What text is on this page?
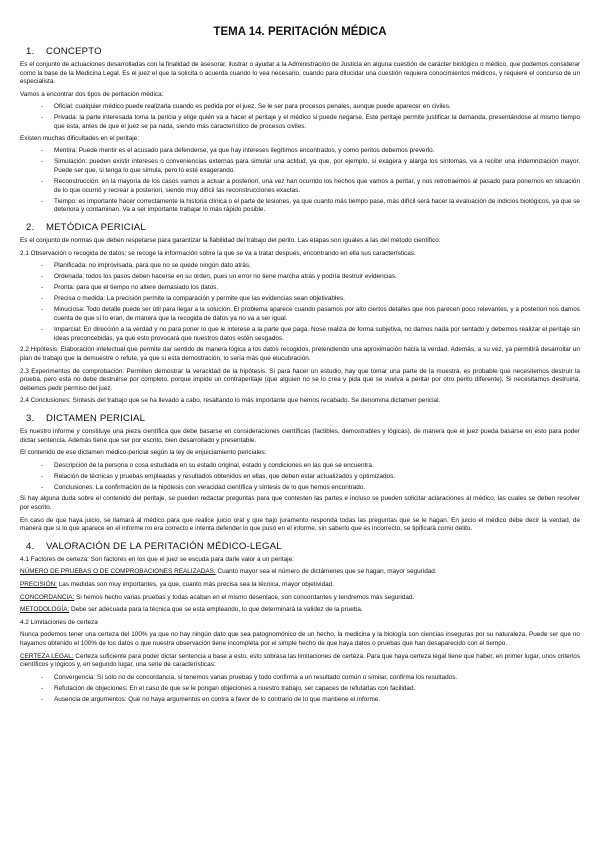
TEMA 14. PERITACIÓN MÉDICA
1. CONCEPTO

Es el conjunto de actuaciones desarrolladas con la finalidad de asesorar, ilustrar o ayudar a la Administración de Justicia en alguna cuestión de carácter biológico o médico, que podemos considerar como la base de la Medicina Legal. Es el juez el que la solicita o acuerda cuando lo vea necesario, cuando para dilucidar una cuestión requiera conocimientos médicos, y requiere el concurso de un especialista.

Vamos a encontrar dos tipos de peritación médica:

- Oficial: cualquier médico puede realizarla cuando es pedida por el juez. Se le ser para procesos penales, aunque puede aparecer en civiles.
- Privada: la parte interesada toma la pericia y elige quién va a hacer el peritaje y el médico si puede negarse. Este peritaje permite justificar la demanda, presentándose al mismo tiempo que esta, antes de que el juez se pa nada, siendo más característico de procesos civiles.

Existen muchas dificultades en el peritaje:

- Mentira: Puede mentir es el acusado para defenderse, ya que hay intereses ilegítimos encontrados, y como peritos debemos preverlo.
- Simulación: pueden existir intereses o conveniencias externas para simular una actitud, ya que, por ejemplo, si exagera y alarga los síntomas, va a recibir una indemnización mayor. Puede ser que, si tenga lo que simula, pero lo esté exagerando.
- Reconstrucción: en la mayoría de los casos vamos a actuar a posteriori, una vez han ocurrido los hechos que vamos a peritar, y nos retrotraemos al pasado para ponernos en situación de lo que ocurrió y recrear a posteriori, siendo muy difícil las reconstrucciones exactas.
- Tiempo: es importante hacer correctamente la historia clínica o el parte de lesiones, ya que cuanto más tiempo pase, más difícil será hacer la evaluación de indicios biológicos, ya que se deteriora y contaminan. Va a ser importante trabajar lo más rápido posible.
2. METÓDICA PERICIAL

Es el conjunto de normas que deben respetarse para garantizar la fiabilidad del trabajo del perito. Las etapas son iguales a las del método científico:

2.1 Observación o recogida de datos: se recoge la información sobre la que se va a tratar después, encontrando en ella sus características:

- Planificada: no improvisada, para que no se quede ningún dato atrás.
- Ordenada: todos los pasos deben hacerse en su orden, pues un error no tiene marcha atrás y podría destruir evidencias.
- Pronta: para que el tiempo no altere demasiado los datos.
- Precisa o medida: La precisión permite la comparación y permite que las evidencias sean objetivables.
- Minuciosa: Todo detalle puede ser útil para llegar a la solución. El problema aparece cuando pasamos por alto ciertos detalles que nos parecen poco relevantes, y a posteriori nos damos cuenta de que sí lo eran, de manera que la recogida de datos ya no va a ser igual.
- Imparcial: En dirección a la verdad y no para poner lo que le interese a la parte que paga. Nose realiza de forma subjetiva, no damos nada por sentado y debemos realizar el peritaje sin ideas preconcebidas, ya que esto provocará que nuestros datos estén sesgados.

2.2 Hipótesis: Elaboración intelectual que permite dar sentido de manera lógica a los datos recogidos, pretendiendo una aproximación hacia la verdad. Además, a su vez, ya permitirá desarrollar un plan de trabajo que la demuestre o refute, ya que si esta demostración, lo sería más que elucubración.

2.3 Experimentos de comprobación: Permiten demostrar la veracidad de la hipótesis. Si para hacer un estudio, hay que tomar una parte de la muestra, es probable que necesitemos destruir la prueba, pero esta no debe destruirse por completo, porque impide un contraperitaje (que alguien no se lo crea y pida que se vuelva a peritar por otro perito diferente). Si necesitamos destruirla, debemos pedir permiso del juez.

2.4 Conclusiones: Síntesis del trabajo que se ha llevado a cabo, resaltando lo más importante que hemos recabado. Se denomina dictamen pericial.

3. DICTAMEN PERICIAL

Es nuestro informe y constituye una pieza científica que debe basarse en consideraciones científicas (factibles, demostrables y lógicas), de manera que el juez pueda basarse en esto para poder dictar sentencia. Además tiene que ser por escrito, bien desarrollado y presentable.

El contenido de ese dictamen médico-pericial según la ley de enjuiciamiento periciales:

- Descripción de la persona o cosa estudiada en su estado original, estado y condiciones en las que se encuentra.
- Relación de técnicas y pruebas empleadas y resultados obtenidos en ellas, que deben estar actualizados y optimizados.
- Conclusiones. La confirmación de la hipótesis con veracidad científica y síntesis de lo que hemos encontrado.

Si hay alguna duda sobre el contenido del peritaje, se pueden redactar preguntas para que contesten las partes e incluso se pueden solicitar aclaraciones al médico, las cuales se deben resolver por escrito.

En caso de que haya juicio, se llamará al médico para que realice juicio oral y que bajo juramento responda todas las preguntas que se le hagan. En juicio el médico debe decir la verdad, de manera que si lo que aparece en el informe no era correcto e intenta defender lo que pusó en el informe, sin saberlo que es incorrecto, se tipificará como delito.

4. VALORACIÓN DE LA PERITACIÓN MÉDICO-LEGAL

4.1 Factores de certeza: Son factores en los que el juez se escuda para darle valor a un peritaje:

NÚMERO DE PRUEBAS O DE COMPROBACIONES REALIZADAS: Cuanto mayor sea el número de dictámenes que se hagan, mayor seguridad.

PRECISIÓN: Las medidas son muy importantes, ya que, cuanto más precisa sea la técnica, mayor objetividad.

CONCORDANCIA: Si hemos hecho varias pruebas y todas acaban en el mismo desenlace, son concordantes y tendremos más seguridad.

METODOLOGÍA: Debe ser adecuada para la técnica que se esta empleando, lo que determinará la validez de la prueba.

4.2 Limitaciones de certeza

Nunca podemos tener una certeza del 100% ya que no hay ningún dato que sea patognomónico de un hecho, la medicina y la biología son ciencias inseguras por su naturaleza. Puede ser que no hayamos obtenido el 100% de los datos o que nuestra observación tiene incompleta por el simple hecho de que haya datos o pruebas que han desaparecido con el tiempo.

CERTEZA LEGAL: Certeza suficiente para poder dictar sentencia a base a esto, esto sobrasa las limitaciones de certeza. Para que haya certeza legal tiene que haber, en primer lugar, unos criterios científicos y lógicos y, en segundo lugar, una serie de características:

- Convergencia: Sí sólo no de concordancia, si tenemos varias pruebas y todo confirma a un resultado común o similar, confirma los resultados.
- Refutación de objeciones: En el caso de que se le pongan objeciones a nuestro trabajo, ser capaces de refutarlas con facilidad.
- Ausencia de argumentos: Que no haya argumentos en contra a favor de lo contrario de lo que mantiene el informe.
